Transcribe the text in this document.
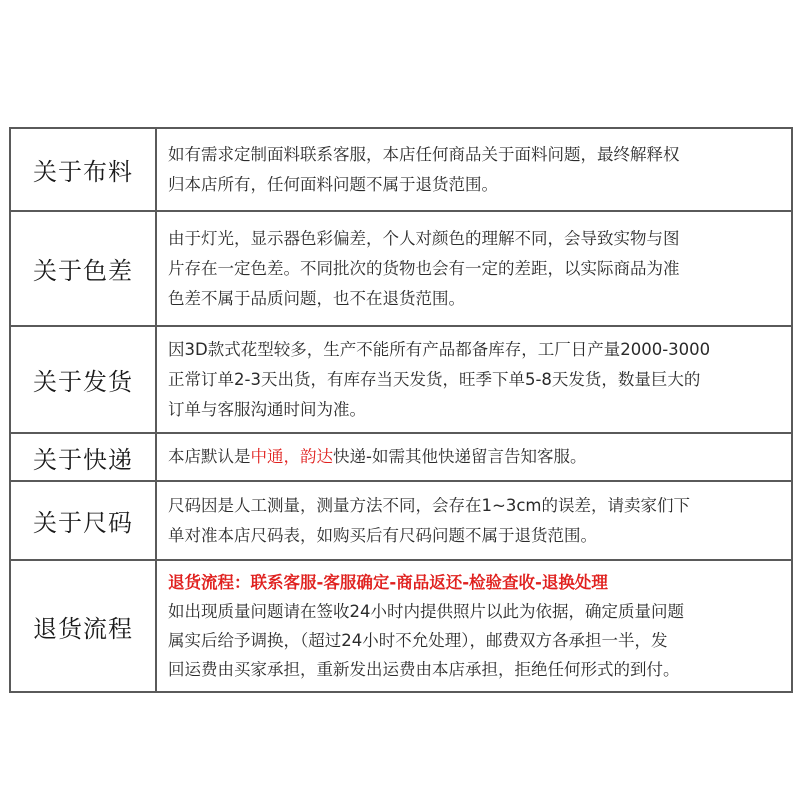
关于布料	如有需求定制面料联系客服，本店任何商品关于面料问题，最终解释权
归本店所有，任何面料问题不属于退货范围。

关于色差	由于灯光，显示器色彩偏差，个人对颜色的理解不同，会导致实物与图
片存在一定色差。不同批次的货物也会有一定的差距，以实际商品为准
色差不属于品质问题，也不在退货范围。

关于发货	因3D款式花型较多，生产不能所有产品都备库存，工厂日产量2000-3000
正常订单2-3天出货，有库存当天发货，旺季下单5-8天发货，数量巨大的
订单与客服沟通时间为准。

关于快递	本店默认是中通，韵达快递-如需其他快递留言告知客服。
关于尺码	尺码因是人工测量，测量方法不同，会存在1~3cm的误差，请卖家们下
单对准本店尺码表，如购买后有尺码问题不属于退货范围。

退货流程	退货流程：联系客服-客服确定-商品返还-检验查收-退换处理
如出现质量问题请在签收24小时内提供照片以此为依据，确定质量问题
属实后给予调换，（超过24小时不允处理），邮费双方各承担一半，发
回运费由买家承担，重新发出运费由本店承担，拒绝任何形式的到付。
